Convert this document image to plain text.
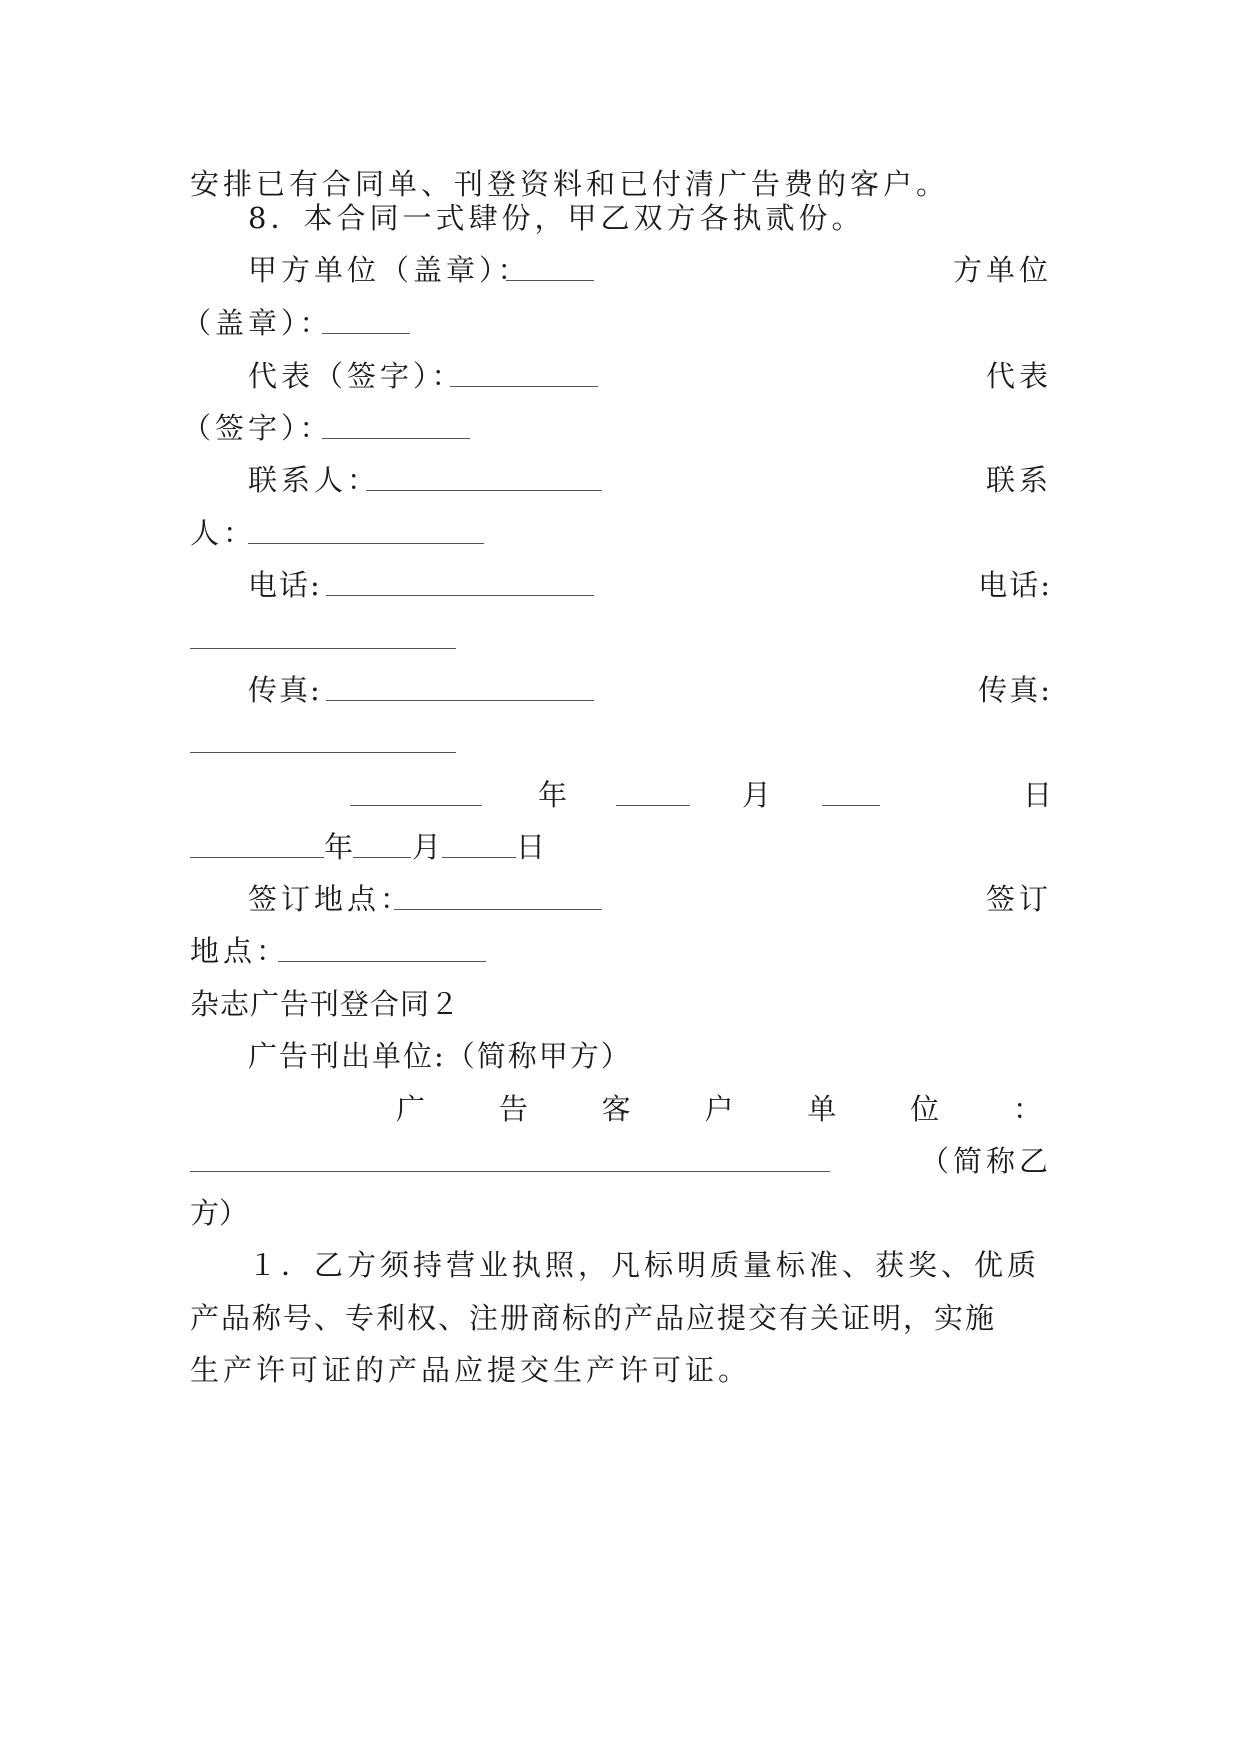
安排已有合同单、刊登资料和已付清广告费的客户。
8．本合同一式肆份，甲乙双方各执贰份。
甲方单位（盖章）：	方单位
（盖章）：
代表（签字）：	代表
（签字）：
联系人：	联系
人：
电话:	电话:
传真:	传真:
年	月	日
年 月	日
签订地点：	签订
地点：
杂志广告刊登合同２
广告刊出单位:（简称甲方）
广	告	客	户	单	位	：
（简称乙
方）
１．乙方须持营业执照，凡标明质量标准、获奖、优质
产品称号、专利权、注册商标的产品应提交有关证明，实施
生产许可证的产品应提交生产许可证。
